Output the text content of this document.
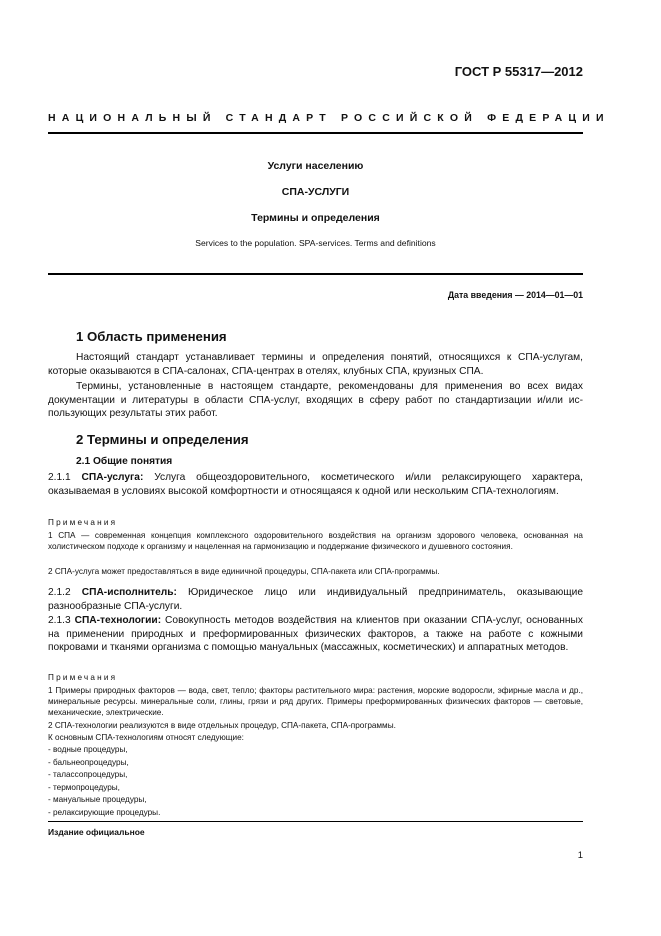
ГОСТ Р 55317—2012
НАЦИОНАЛЬНЫЙ СТАНДАРТ РОССИЙСКОЙ ФЕДЕРАЦИИ
Услуги населению
СПА-УСЛУГИ
Термины и определения
Services to the population. SPA-services. Terms and definitions
Дата введения — 2014—01—01
1 Область применения
Настоящий стандарт устанавливает термины и определения понятий, относящихся к СПА-услугам, которые оказываются в СПА-салонах, СПА-центрах в отелях, клубных СПА, круизных СПА.
Термины, установленные в настоящем стандарте, рекомендованы для применения во всех видах документации и литературы в области СПА-услуг, входящих в сферу работ по стандартизации и/или использующих результаты этих работ.
2 Термины и определения
2.1 Общие понятия
2.1.1 СПА-услуга: Услуга общеоздоровительного, косметического и/или релаксирующего характера, оказываемая в условиях высокой комфортности и относящаяся к одной или нескольким СПА-технологиям.
Примечания
1 СПА — современная концепция комплексного оздоровительного воздействия на организм здорового человека, основанная на холистическом подходе к организму и нацеленная на гармонизацию и поддержание физического и душевного состояния.
2 СПА-услуга может предоставляться в виде единичной процедуры, СПА-пакета или СПА-программы.
2.1.2 СПА-исполнитель: Юридическое лицо или индивидуальный предприниматель, оказывающие разнообразные СПА-услуги.
2.1.3 СПА-технологии: Совокупность методов воздействия на клиентов при оказании СПА-услуг, основанных на применении природных и преформированных физических факторов, а также на работе с кожными покровами и тканями организма с помощью мануальных (массажных, косметических) и аппаратных методов.
Примечания
1 Примеры природных факторов — вода, свет, тепло; факторы растительного мира: растения, морские водоросли, эфирные масла и др., минеральные ресурсы. минеральные соли, глины, грязи и ряд других. Примеры преформированных физических факторов — световые, механические, электрические.
2 СПА-технологии реализуются в виде отдельных процедур, СПА-пакета, СПА-программы.
К основным СПА-технологиям относят следующие:
- водные процедуры,
- бальнеопроцедуры,
- талассопроцедуры,
- термопроцедуры,
- мануальные процедуры,
- релаксирующие процедуры.
Издание официальное
1
